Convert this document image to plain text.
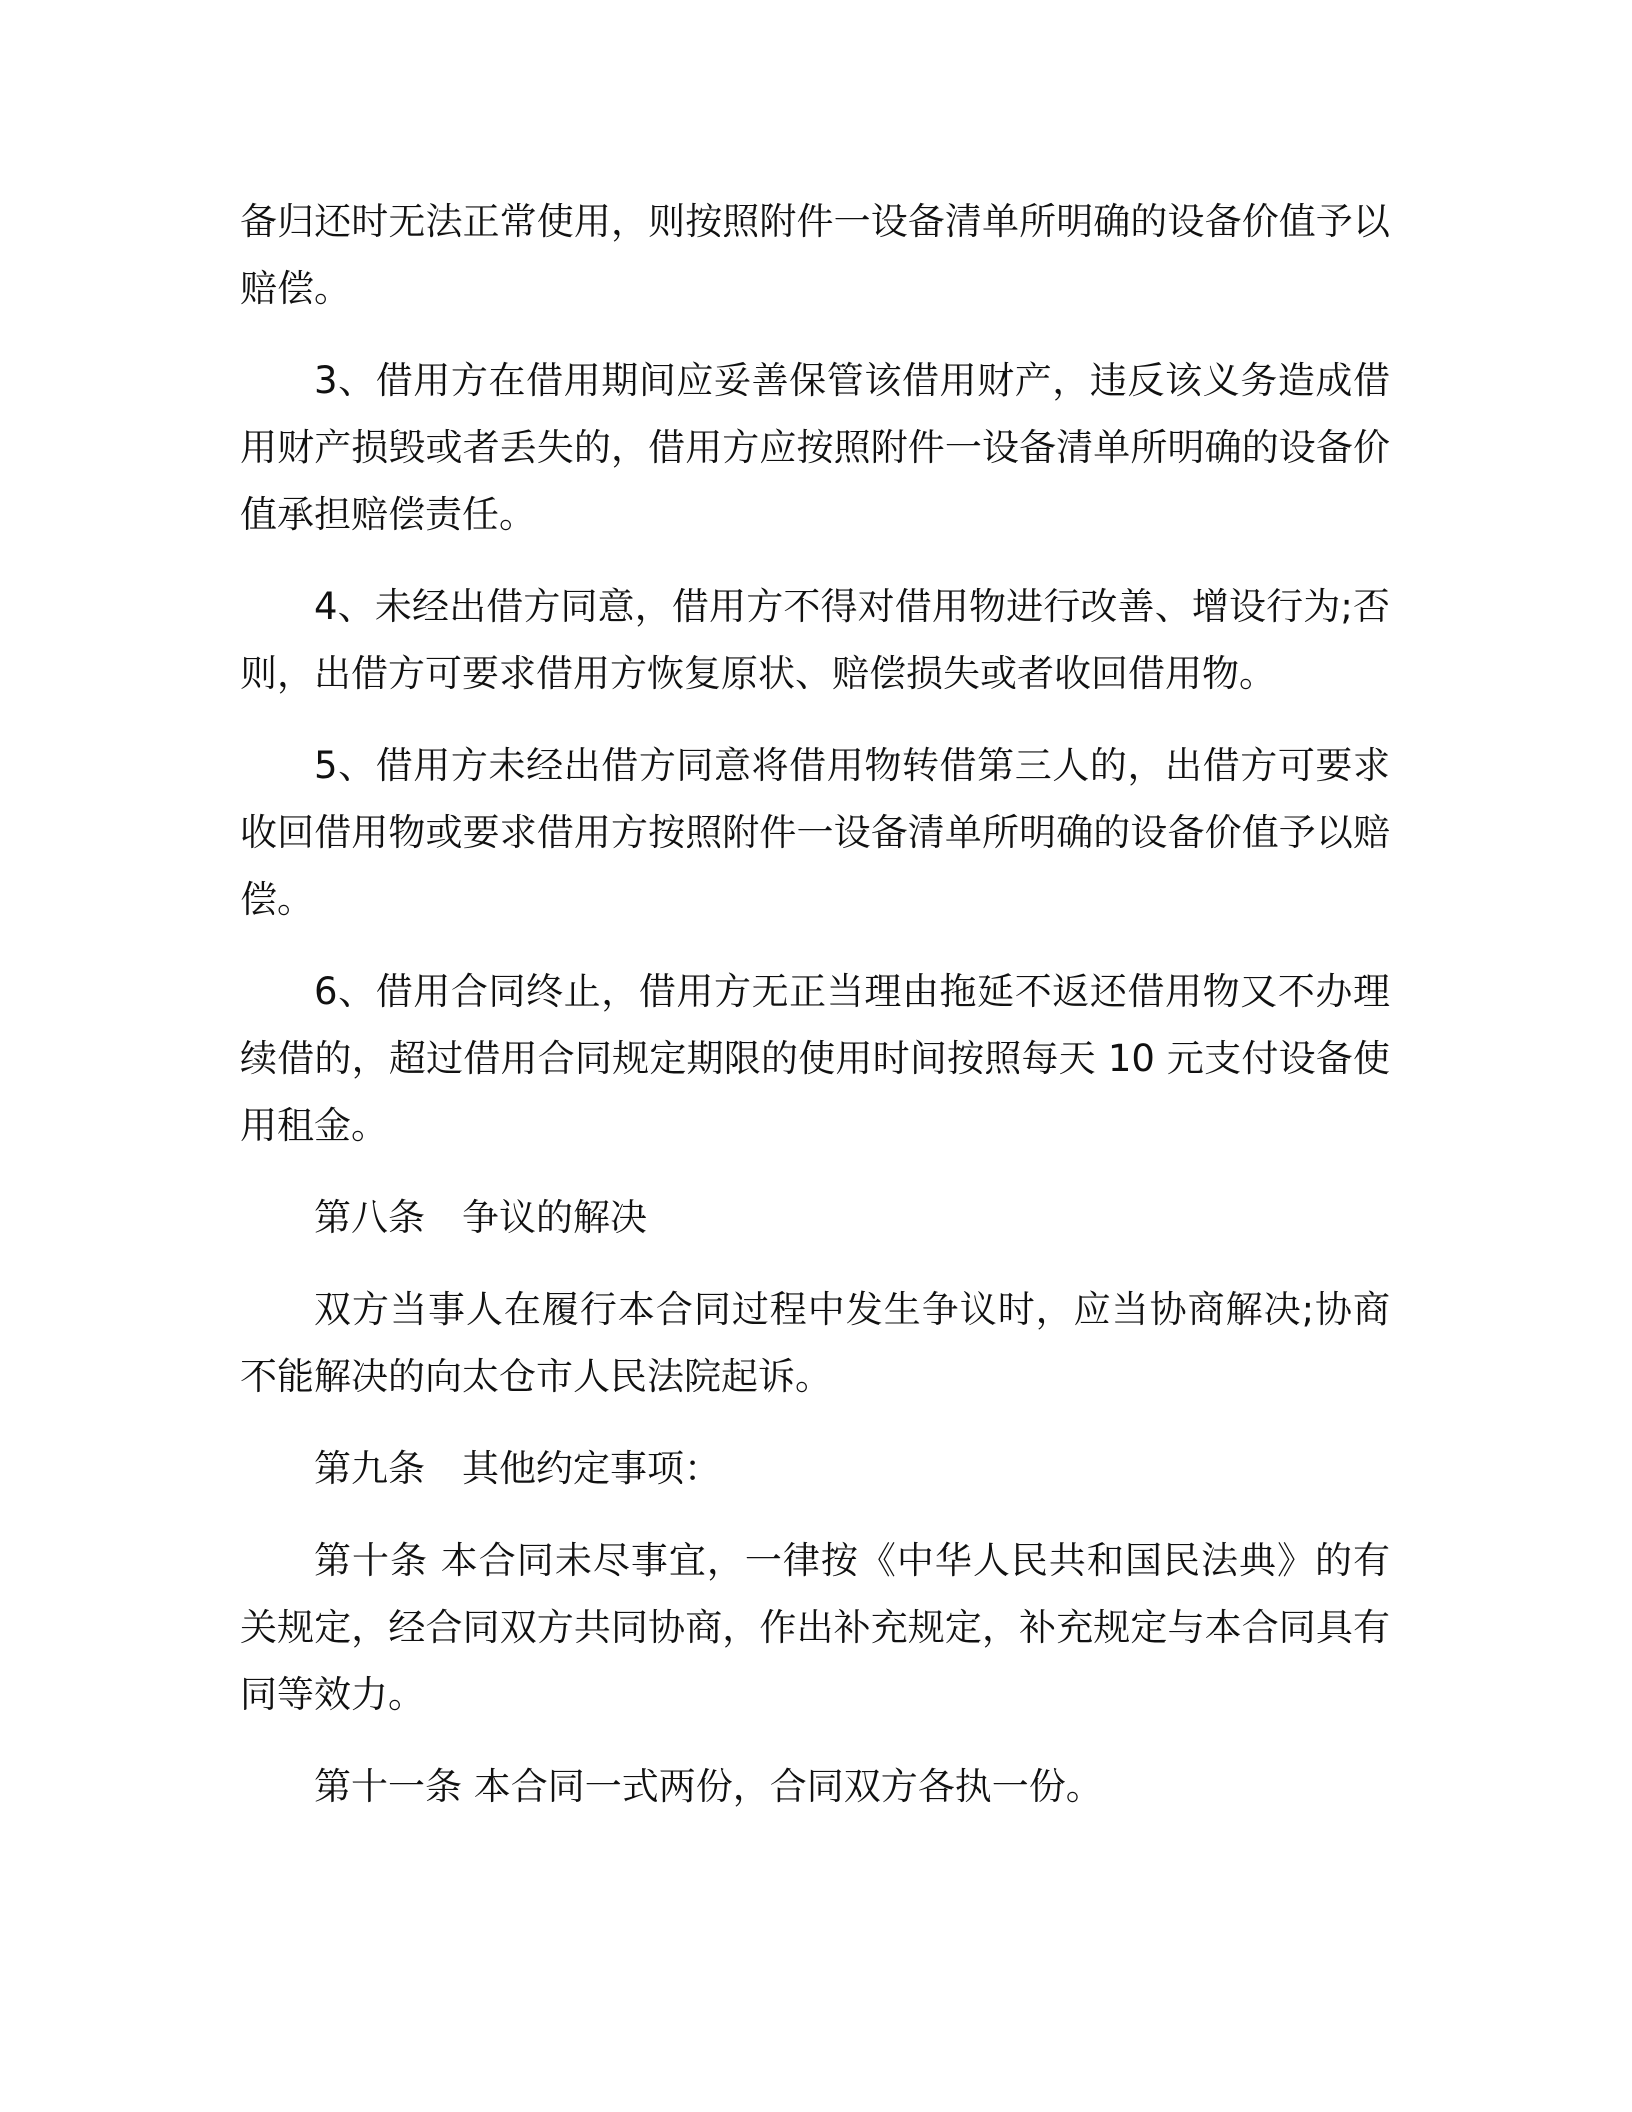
备归还时无法正常使用，则按照附件一设备清单所明确的设备价值予以赔偿。

3、借用方在借用期间应妥善保管该借用财产，违反该义务造成借用财产损毁或者丢失的，借用方应按照附件一设备清单所明确的设备价值承担赔偿责任。

4、未经出借方同意，借用方不得对借用物进行改善、增设行为;否则，出借方可要求借用方恢复原状、赔偿损失或者收回借用物。

5、借用方未经出借方同意将借用物转借第三人的，出借方可要求收回借用物或要求借用方按照附件一设备清单所明确的设备价值予以赔偿。

6、借用合同终止，借用方无正当理由拖延不返还借用物又不办理续借的，超过借用合同规定期限的使用时间按照每天 10 元支付设备使用租金。

第八条　争议的解决

双方当事人在履行本合同过程中发生争议时，应当协商解决;协商不能解决的向太仓市人民法院起诉。

第九条　其他约定事项：

第十条 本合同未尽事宜，一律按《中华人民共和国民法典》的有关规定，经合同双方共同协商，作出补充规定，补充规定与本合同具有同等效力。

第十一条 本合同一式两份，合同双方各执一份。
